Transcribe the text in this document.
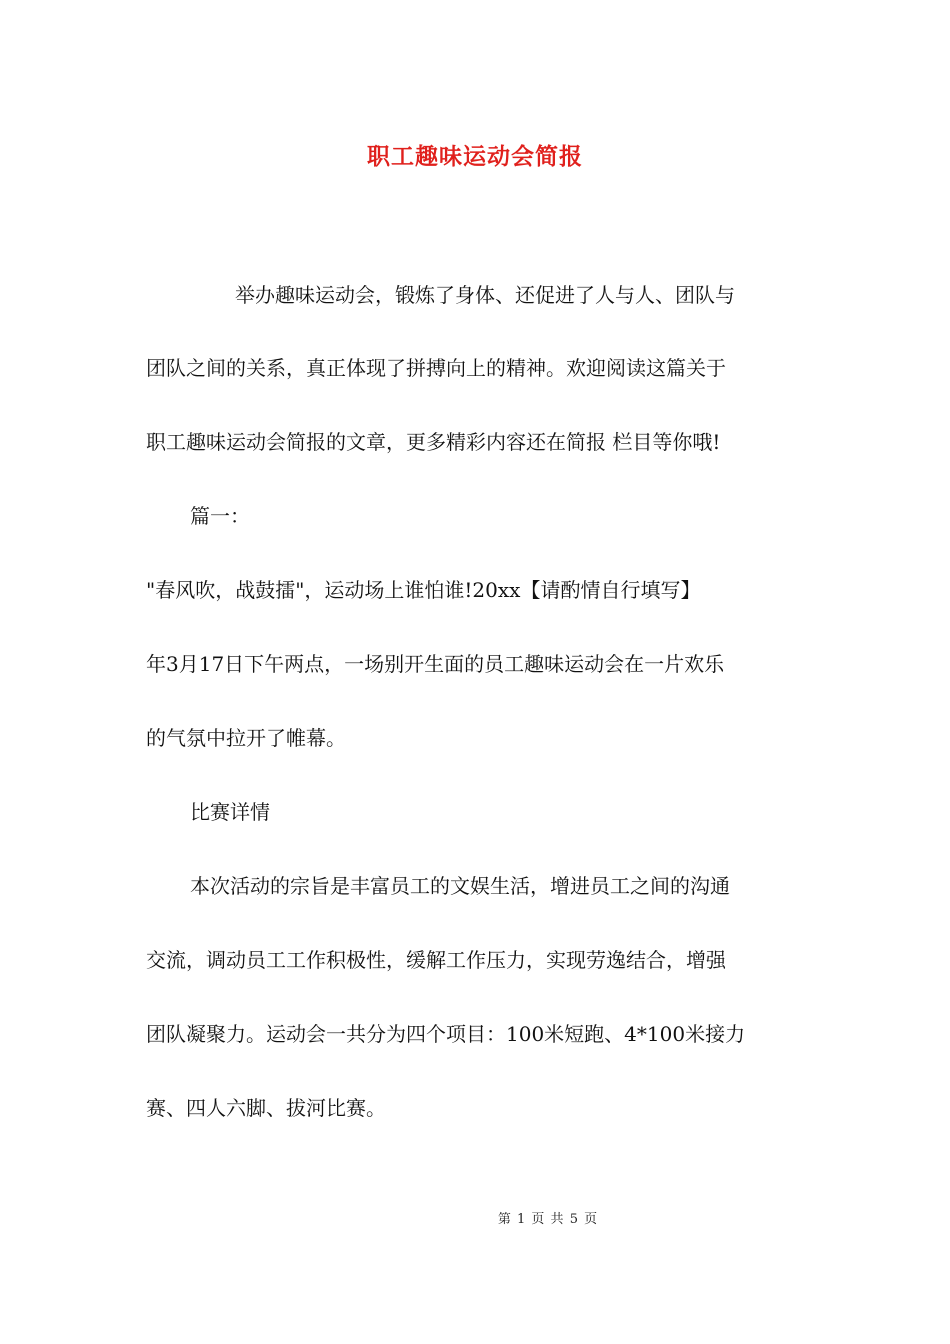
职工趣味运动会简报
举办趣味运动会，锻炼了身体、还促进了人与人、团队与
团队之间的关系，真正体现了拼搏向上的精神。欢迎阅读这篇关于
职工趣味运动会简报的文章，更多精彩内容还在简报 栏目等你哦!
篇一：
"春风吹，战鼓擂"，运动场上谁怕谁!20xx【请酌情自行填写】
年3月17日下午两点，一场别开生面的员工趣味运动会在一片欢乐
的气氛中拉开了帷幕。
比赛详情
本次活动的宗旨是丰富员工的文娱生活，增进员工之间的沟通
交流，调动员工工作积极性，缓解工作压力，实现劳逸结合，增强
团队凝聚力。运动会一共分为四个项目：100米短跑、4*100米接力
赛、四人六脚、拔河比赛。
第 1 页 共 5 页
